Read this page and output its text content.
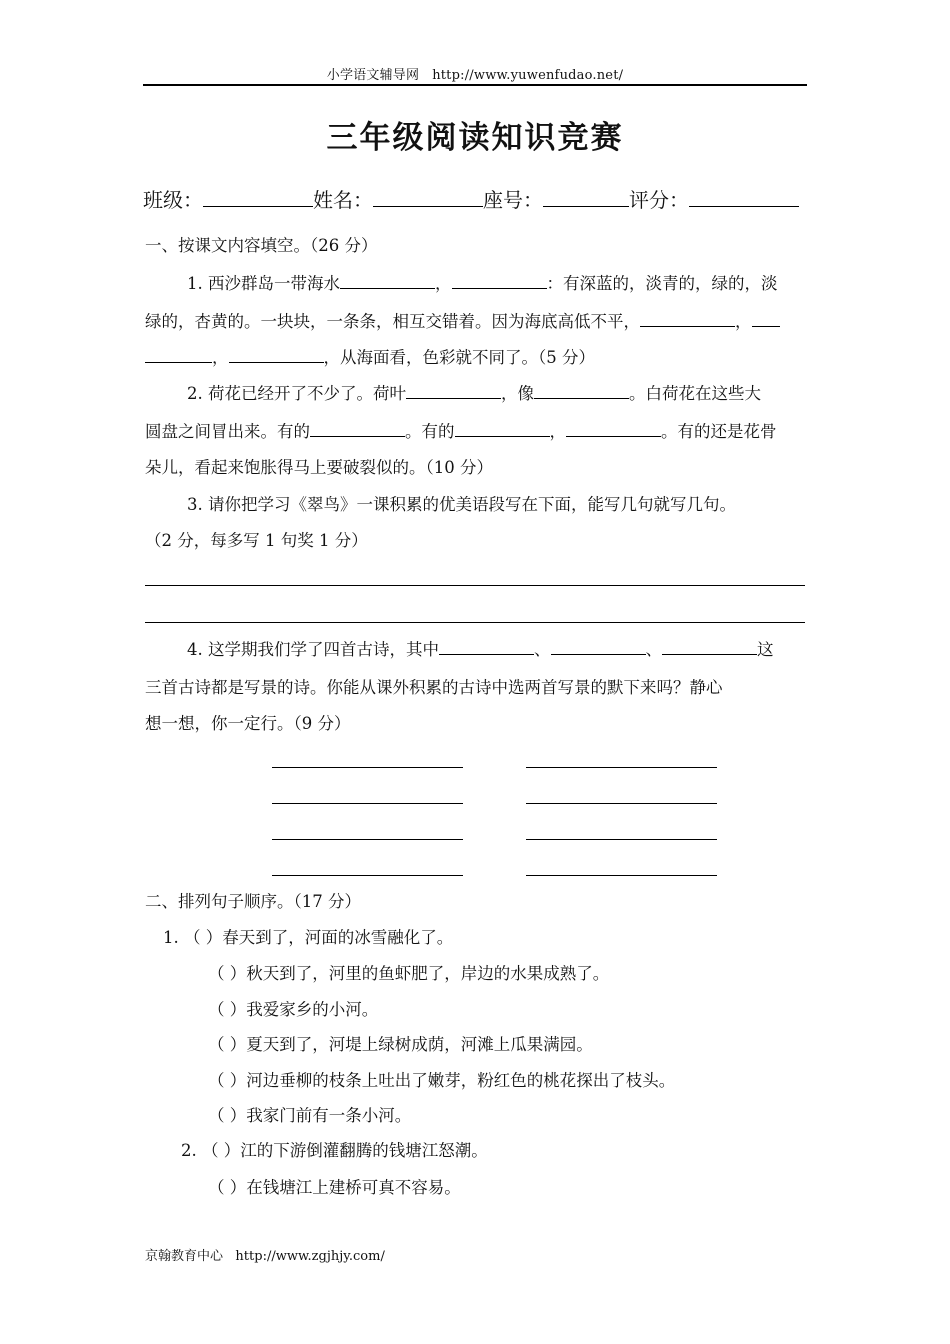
小学语文辅导网 http://www.yuwenfudao.net/
三年级阅读知识竞赛
班级：	姓名：	座号：	评分：
一、按课文内容填空。（26 分）
1. 西沙群岛一带海水	，	：有深蓝的，淡青的，绿的，淡
绿的，杏黄的。一块块，一条条，相互交错着。因为海底高低不平，	，
，	，从海面看，色彩就不同了。（5 分）
2. 荷花已经开了不少了。荷叶	，像	。白荷花在这些大
圆盘之间冒出来。有的	。有的	，	。有的还是花骨
朵儿，看起来饱胀得马上要破裂似的。（10 分）
3. 请你把学习《翠鸟》一课积累的优美语段写在下面，能写几句就写几句。
（2 分，每多写 1 句奖 1 分）
4. 这学期我们学了四首古诗，其中	、	、	这
三首古诗都是写景的诗。你能从课外积累的古诗中选两首写景的默下来吗？静心
想一想，你一定行。（9 分）
二、排列句子顺序。（17 分）
1. （ ）春天到了，河面的冰雪融化了。
（ ）秋天到了，河里的鱼虾肥了，岸边的水果成熟了。
（ ）我爱家乡的小河。
（ ）夏天到了，河堤上绿树成荫，河滩上瓜果满园。
（ ）河边垂柳的枝条上吐出了嫩芽，粉红色的桃花探出了枝头。
（ ）我家门前有一条小河。
2. （ ）江的下游倒灌翻腾的钱塘江怒潮。
（ ）在钱塘江上建桥可真不容易。
京翰教育中心 http://www.zgjhjy.com/
